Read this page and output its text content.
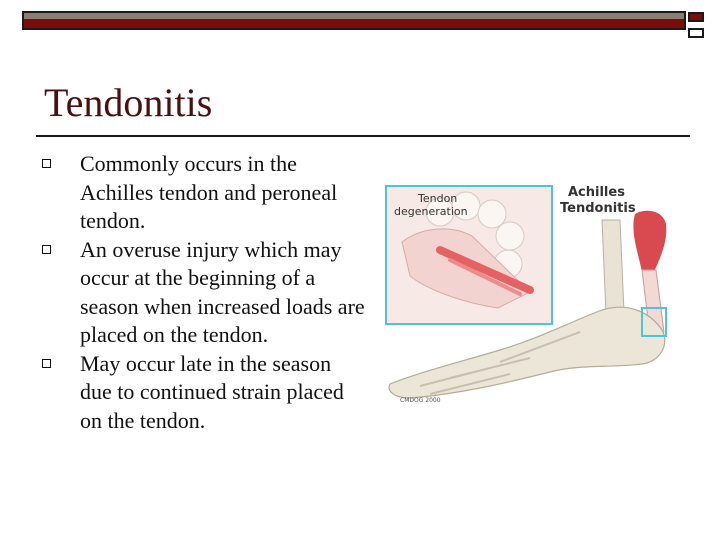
Tendonitis
Commonly occurs in the Achilles tendon and peroneal tendon.
An overuse injury which may occur at the beginning of a season when increased loads are placed on the tendon.
May occur late in the season due to continued strain placed on the tendon.
Tendon
degeneration
Achilles
Tendonitis
CMDOG 2000
